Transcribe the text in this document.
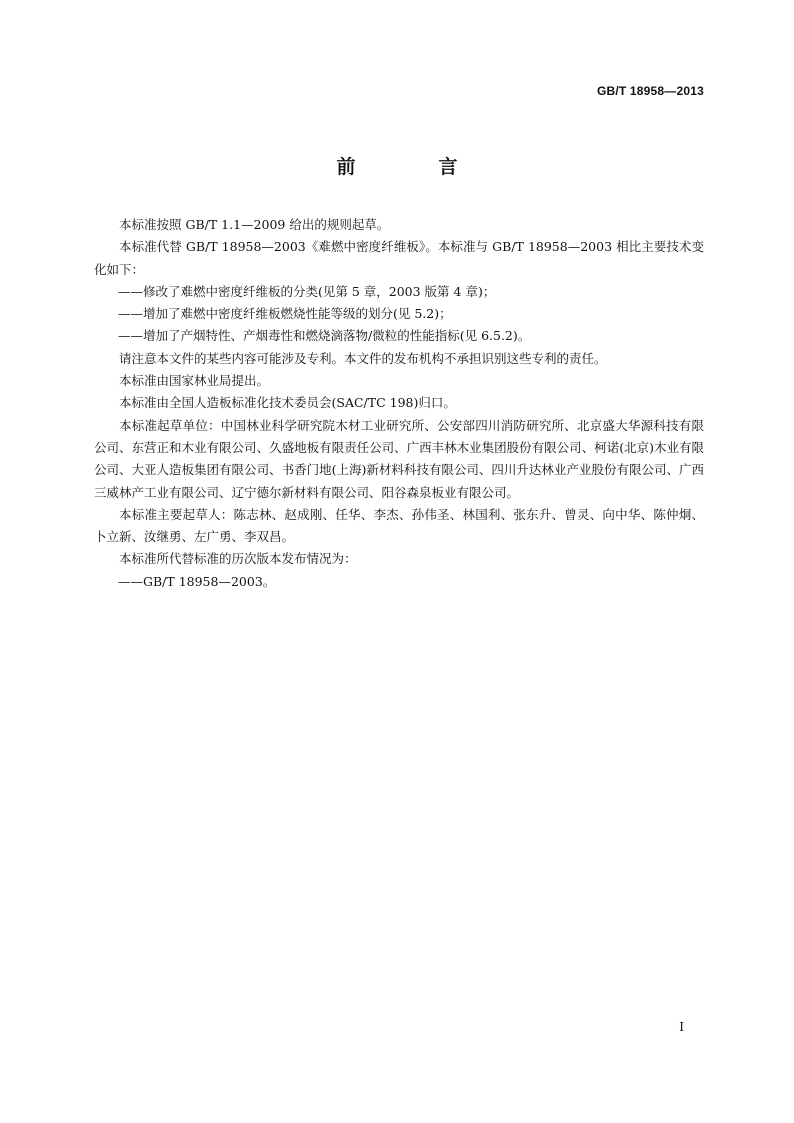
GB/T 18958—2013
前　言

本标准按照 GB/T 1.1—2009 给出的规则起草。

本标准代替 GB/T 18958—2003《难燃中密度纤维板》。本标准与 GB/T 18958—2003 相比主要技术变化如下：

——修改了难燃中密度纤维板的分类(见第 5 章，2003 版第 4 章)；

——增加了难燃中密度纤维板燃烧性能等级的划分(见 5.2)；

——增加了产烟特性、产烟毒性和燃烧滴落物/微粒的性能指标(见 6.5.2)。

请注意本文件的某些内容可能涉及专利。本文件的发布机构不承担识别这些专利的责任。

本标准由国家林业局提出。

本标准由全国人造板标准化技术委员会(SAC/TC 198)归口。

本标准起草单位：中国林业科学研究院木材工业研究所、公安部四川消防研究所、北京盛大华源科技有限公司、东营正和木业有限公司、久盛地板有限责任公司、广西丰林木业集团股份有限公司、柯诺(北京)木业有限公司、大亚人造板集团有限公司、书香门地(上海)新材料科技有限公司、四川升达林业产业股份有限公司、广西三威林产工业有限公司、辽宁德尔新材料有限公司、阳谷森泉板业有限公司。

本标准主要起草人：陈志林、赵成刚、任华、李杰、孙伟圣、林国利、张东升、曾灵、向中华、陈仲炯、卜立新、汝继勇、左广勇、李双昌。

本标准所代替标准的历次版本发布情况为：

——GB/T 18958—2003。

I
